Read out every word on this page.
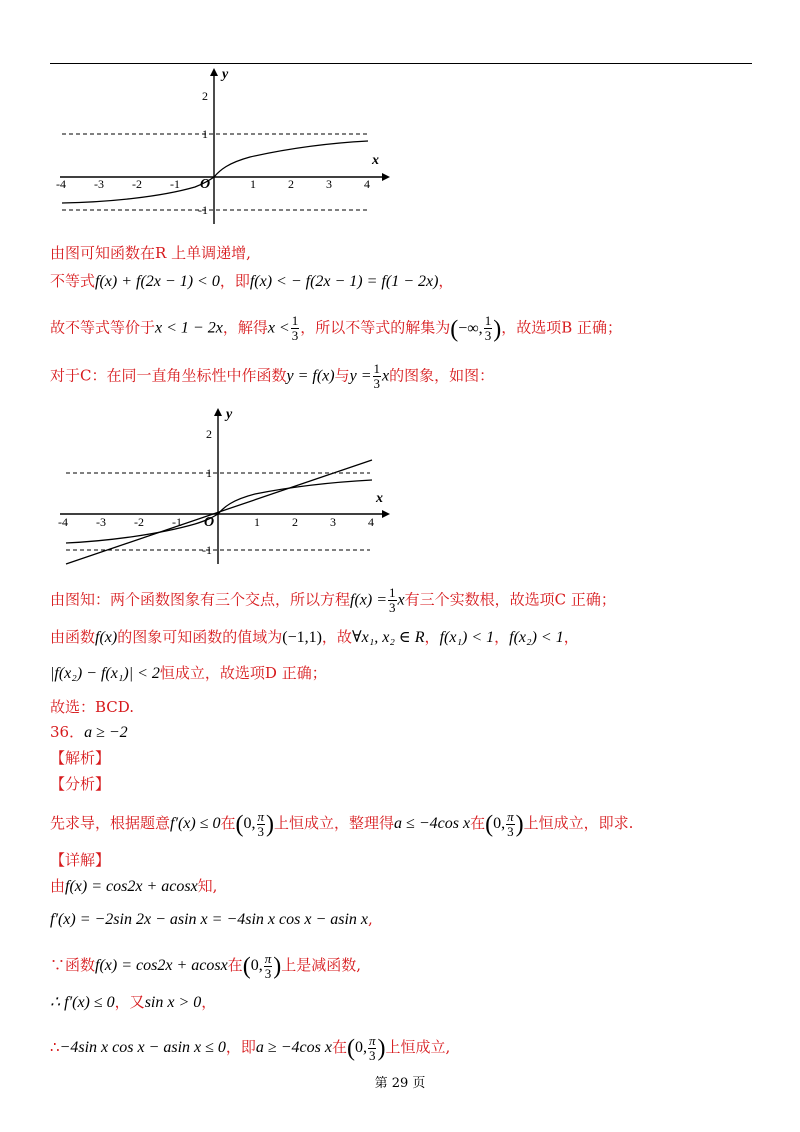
-4 -3 -2 -1 O	1	2	3	4
2
1
-1
x
y
由图可知函数在R 上单调递增,
不等式f(x) + f(2x − 1) < 0，即f(x) < − f(2x − 1) = f(1 − 2x)，
故不等式等价于x < 1 − 2x，解得$x < \frac{1}{3}$ ，所以不等式的解集为(−∞, $\frac{1}{3}$ )，故选项B 正确；
对于C：在同一直角坐标性中作函数y = f(x)与$y = \frac{1}{3}$ x的图象，如图：
-4 -3 -2 -1 O	1	2	3	4
2
1
-1
x
y
由图知：两个函数图象有三个交点，所以方程$f(x) = \frac{1}{3}$ x有三个实数根，故选项C 正确；
由函数f(x)的图象可知函数的值域为(−1,1)，故∀x₁, x₂ ∈ R，f(x₁) < 1，f(x₂) < 1，
|f(x₂) − f(x₁)| < 2恒成立，故选项D 正确；
故选：BCD.
36．a ≥ −2
【解析】
【分析】
先求导，根据题意f′(x) ≤ 0在(0, $\frac{\pi}{3}$ )上恒成立，整理得a ≤ −4cos x在(0, $\frac{\pi}{3}$ )上恒成立，即求.
【详解】
由f(x) = cos2x + acosx知,
f′(x) = −2sin 2x − asin x = −4sin x cos x − asin x,
∵函数f(x) = cos2x + acosx在(0, $\frac{\pi}{3}$ )上是减函数,
∴ f′(x) ≤ 0，又sin x > 0，
∴−4sin x cos x − asin x ≤ 0，即a ≥ −4cos x在(0, $\frac{\pi}{3}$ )上恒成立,
第 29 页
